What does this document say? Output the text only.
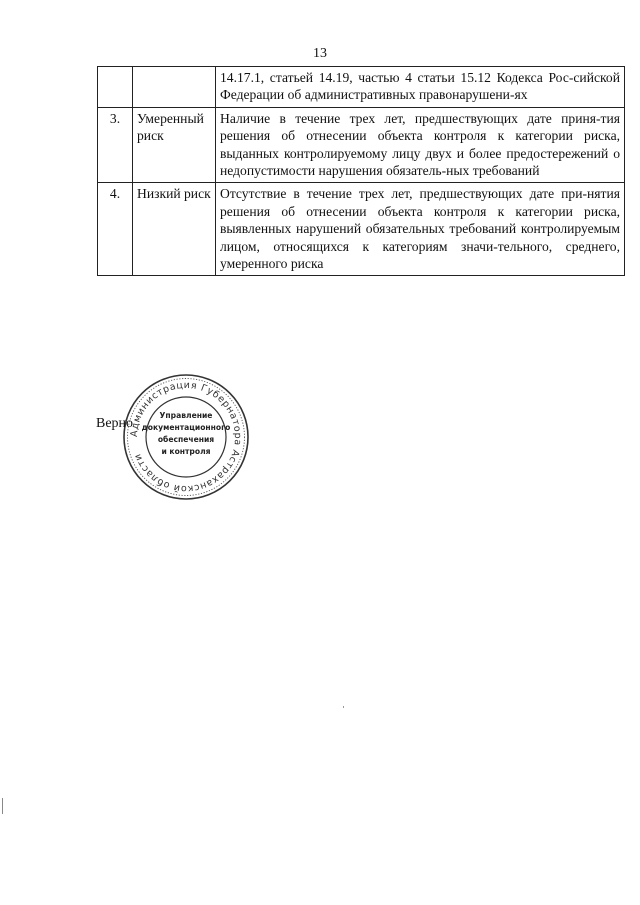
13
		14.17.1, статьей 14.19, частью 4 статьи 15.12 Кодекса Рос-сийской Федерации об административных правонарушени-ях
3.	Умеренный риск	Наличие в течение трех лет, предшествующих дате приня-тия решения об отнесении объекта контроля к категории риска, выданных контролируемому лицу двух и более предостережений о недопустимости нарушения обязатель-ных требований
4.	Низкий риск	Отсутствие в течение трех лет, предшествующих дате при-нятия решения об отнесении объекта контроля к категории риска, выявленных нарушений обязательных требований контролируемым лицом, относящихся к категориям значи-тельного, среднего, умеренного риска
Администрация Губернатора Астраханской области
Управление
документационного
обеспечения
и контроля
Верно
